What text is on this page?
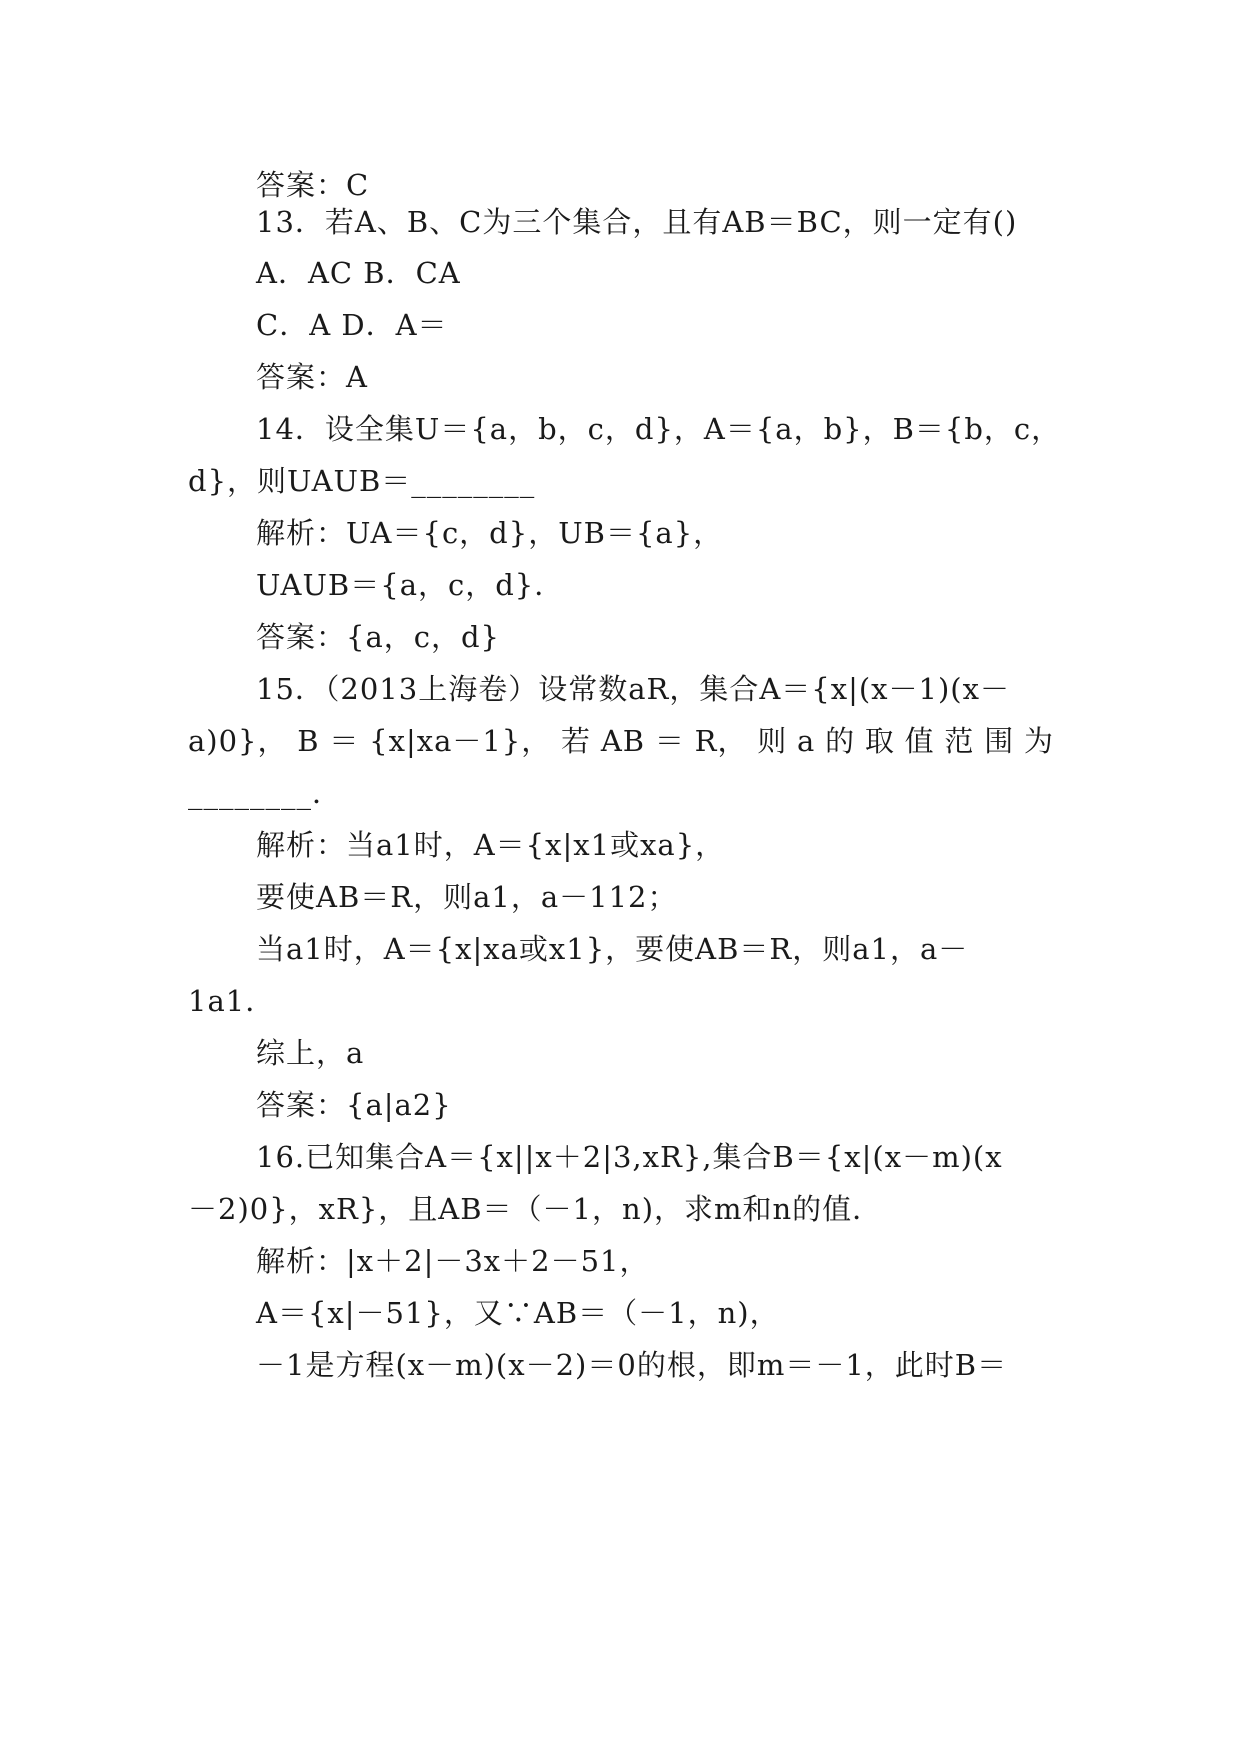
答案：C
13．若A、B、C为三个集合，且有AB＝BC，则一定有()
A．AC B．CA
C．A D．A＝
答案：A
14．设全集U＝{a，b，c，d}，A＝{a，b}，B＝{b，c，
d}，则UAUB＝________
解析：UA＝{c，d}，UB＝{a}，
UAUB＝{a，c，d}．
答案：{a，c，d}
15．（2013上海卷）设常数aR，集合A＝{x|(x－1)(x－
a)0}， B ＝ {x|xa－1}， 若 AB ＝ R， 则 a 的 取 值 范 围 为
________．
解析：当a1时，A＝{x|x1或xa}，
要使AB＝R，则a1，a－112；
当a1时，A＝{x|xa或x1}，要使AB＝R，则a1，a－
1a1．
综上，a
答案：{a|a2}
16.已知集合A＝{x||x＋2|3,xR},集合B＝{x|(x－m)(x
－2)0}，xR}，且AB＝（－1，n)，求m和n的值．
解析：|x＋2|－3x＋2－51，
A＝{x|－51}，又∵AB＝（－1，n)，
－1是方程(x－m)(x－2)＝0的根，即m＝－1，此时B＝
